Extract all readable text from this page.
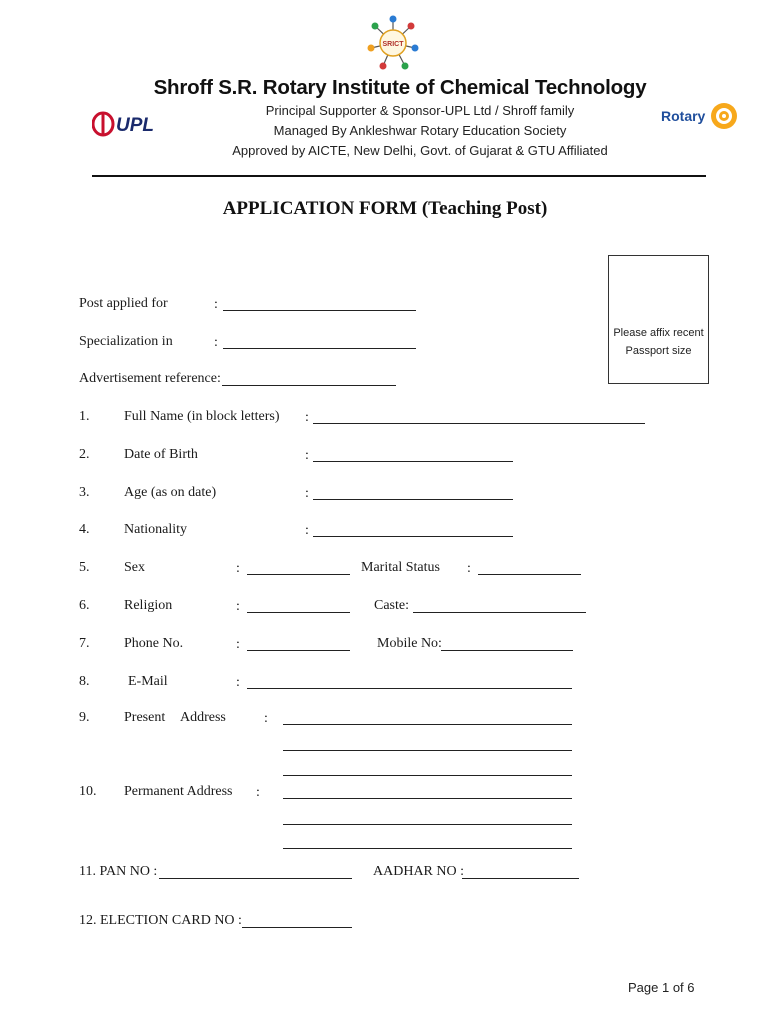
SRICT
Shroff S.R. Rotary Institute of Chemical Technology
Principal Supporter & Sponsor-UPL Ltd / Shroff family
Managed By Ankleshwar Rotary Education Society
Approved by AICTE, New Delhi, Govt. of Gujarat & GTU Affiliated
UPL	Rotary
APPLICATION FORM (Teaching Post)
Please affix recent Passport size
Post applied for	:
Specialization in	:
Advertisement reference:
1. Full Name (in block letters) :
2. Date of Birth	:
3. Age (as on date)	:
4. Nationality	:
5. Sex	:	Marital Status :
6. Religion	:	Caste:
7. Phone No.	:	Mobile No:
8.	E-Mail	:
9. Present Address	:
10. Permanent Address :
11. PAN NO :	AADHAR NO :
12. ELECTION CARD NO :
Page 1 of 6
